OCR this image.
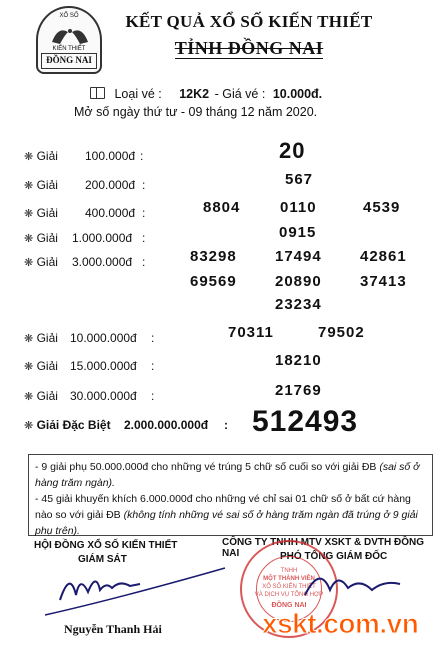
XỔ SỐ
KIẾN THIẾT
ĐỒNG NAI
KẾT QUẢ XỔ SỐ KIẾN THIẾT
TỈNH ĐỒNG NAI
Loại vé : 12K2 - Giá vé : 10.000đ.
Mở số ngày thứ tư - 09 tháng 12 năm 2020.
❋ Giải 100.000đ :	20
❋ Giải 200.000đ :	567
❋ Giải 400.000đ :	8804	0110	4539
❋ Giải 1.000.000đ :	0915
❋ Giải 3.000.000đ :	83298	17494	42861
69569	20890	37413
23234
❋ Giải 10.000.000đ :	70311	79502
❋ Giải 15.000.000đ :	18210
❋ Giải 30.000.000đ :	21769
❋ Giải Đặc Biệt 2.000.000.000đ : 512493
- 9 giải phụ 50.000.000đ cho những vé trúng 5 chữ số cuối so với giải ĐB (sai số ở hàng trăm ngàn).
- 45 giải khuyến khích 6.000.000đ cho những vé chỉ sai 01 chữ số ở bất cứ hàng nào so với giải ĐB (không tính những vé sai số ở hàng trăm ngàn đã trúng ở 9 giải phụ trên).
HỘI ĐỒNG XỔ SỐ KIẾN THIẾT
GIÁM SÁT
CÔNG TY TNHH MTV XSKT & DVTH ĐỒNG NAI	PHÓ TỔNG GIÁM ĐỐC
TNHH
MỘT THÀNH VIÊN
XỔ SỐ KIẾN THIẾT
VÀ DỊCH VỤ TỔNG HỢP
ĐỒNG NAI
Nguyễn Thanh Hải	xskt.com.vn
